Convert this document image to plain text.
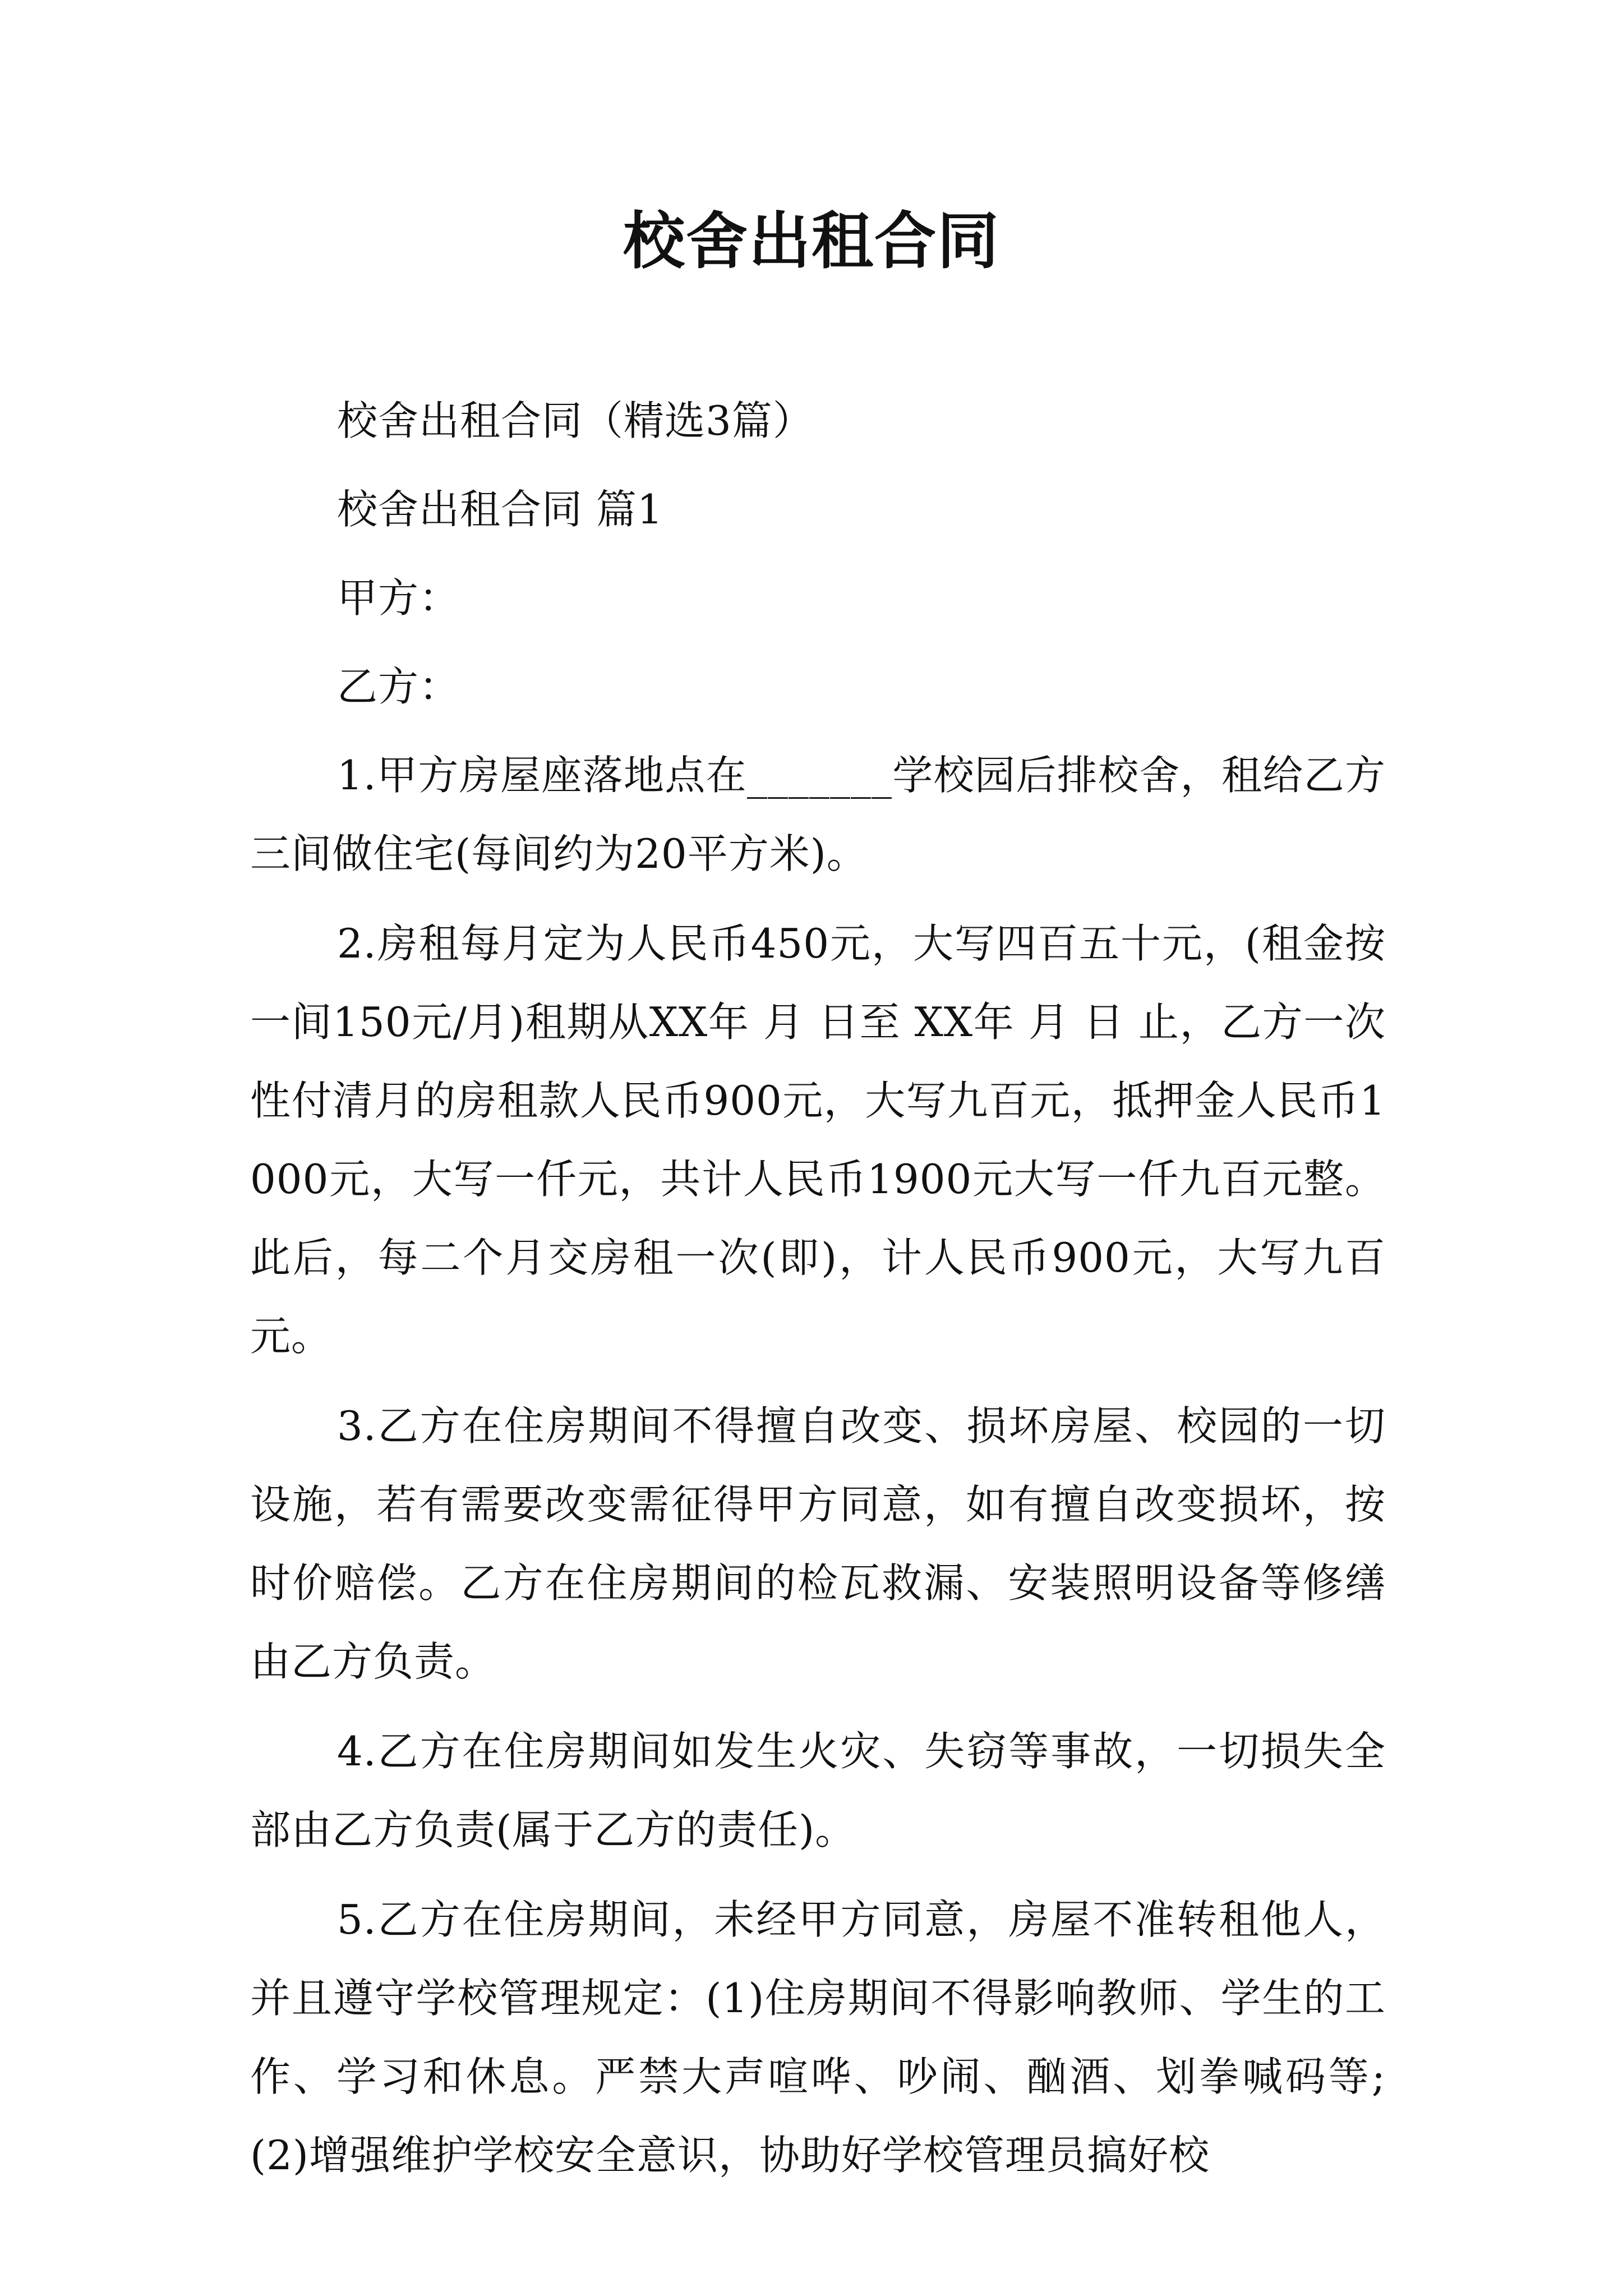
校舍出租合同

校舍出租合同（精选3篇）

校舍出租合同 篇1

甲方：

乙方：

1.甲方房屋座落地点在_______学校园后排校舍，租给乙方三间做住宅(每间约为20平方米)。

2.房租每月定为人民币450元，大写四百五十元，(租金按一间150元/月)租期从XX年 月 日至 XX年 月 日 止，乙方一次性付清月的房租款人民币900元，大写九百元，抵押金人民币1000元，大写一仟元，共计人民币1900元大写一仟九百元整。此后，每二个月交房租一次(即)，计人民币900元，大写九百元。

3.乙方在住房期间不得擅自改变、损坏房屋、校园的一切设施，若有需要改变需征得甲方同意，如有擅自改变损坏，按时价赔偿。乙方在住房期间的检瓦救漏、安装照明设备等修缮由乙方负责。

4.乙方在住房期间如发生火灾、失窃等事故，一切损失全部由乙方负责(属于乙方的责任)。

5.乙方在住房期间，未经甲方同意，房屋不准转租他人，并且遵守学校管理规定：(1)住房期间不得影响教师、学生的工作、学习和休息。严禁大声喧哗、吵闹、酗酒、划拳喊码等;(2)增强维护学校安全意识，协助好学校管理员搞好校
